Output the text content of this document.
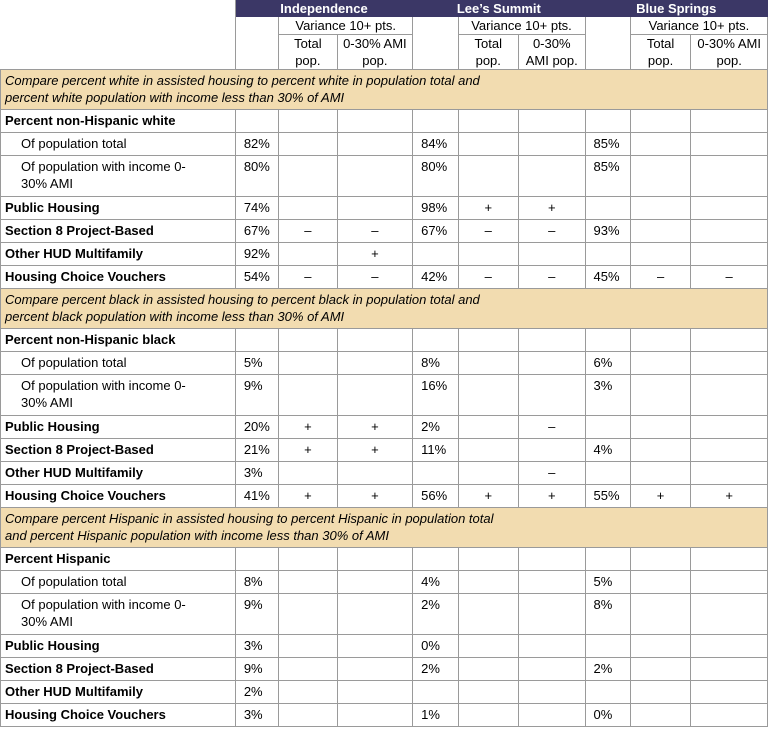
	Independence			Lee’s Summit			Blue Springs		
		Variance 10+ pts.			Variance 10+ pts.			Variance 10+ pts.	
		Total pop.	0-30% AMI pop.		Total pop.	0-30% AMI pop.		Total pop.	0-30% AMI pop.
Compare percent white in assisted housing to percent white in population total and percent white population with income less than 30% of AMI									
Percent non-Hispanic white									
Of population total	82%			84%			85%		
Of population with income 0-30% AMI	80%			80%			85%		
Public Housing	74%			98%	+	+			
Section 8 Project-Based	67%	–	–	67%	–	–	93%		
Other HUD Multifamily	92%		+						
Housing Choice Vouchers	54%	–	–	42%	–	–	45%	–	–
Compare percent black in assisted housing to percent black in population total and percent black population with income less than 30% of AMI									
Percent non-Hispanic black									
Of population total	5%			8%			6%		
Of population with income 0-30% AMI	9%			16%			3%		
Public Housing	20%	+	+	2%		–			
Section 8 Project-Based	21%	+	+	11%			4%		
Other HUD Multifamily	3%					–			
Housing Choice Vouchers	41%	+	+	56%	+	+	55%	+	+
Compare percent Hispanic in assisted housing to percent Hispanic in population total and percent Hispanic population with income less than 30% of AMI									
Percent Hispanic									
Of population total	8%			4%			5%		
Of population with income 0-30% AMI	9%			2%			8%		
Public Housing	3%			0%					
Section 8 Project-Based	9%			2%			2%		
Other HUD Multifamily	2%								
Housing Choice Vouchers	3%			1%			0%		
